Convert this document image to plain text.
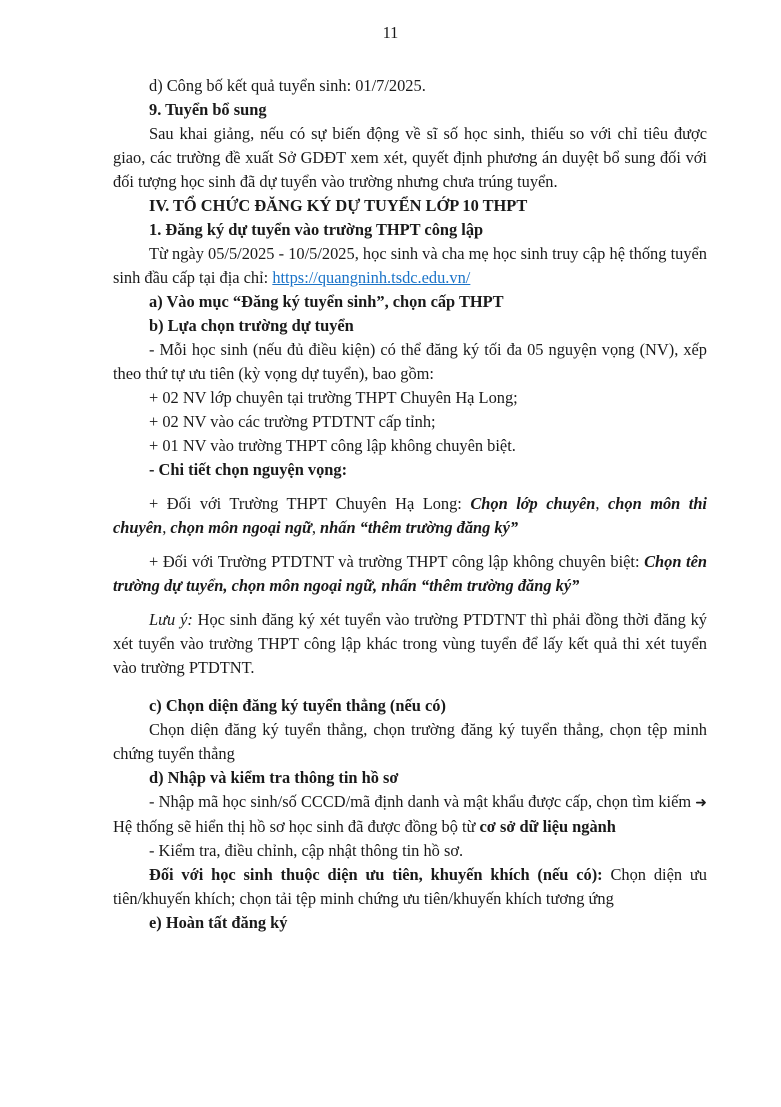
11

d) Công bố kết quả tuyển sinh: 01/7/2025.

9. Tuyển bổ sung

Sau khai giảng, nếu có sự biến động về sĩ số học sinh, thiếu so với chỉ tiêu được giao, các trường đề xuất Sở GDĐT xem xét, quyết định phương án duyệt bổ sung đối với đối tượng học sinh đã dự tuyển vào trường nhưng chưa trúng tuyển.

IV. TỔ CHỨC ĐĂNG KÝ DỰ TUYỂN LỚP 10 THPT

1. Đăng ký dự tuyển vào trường THPT công lập

Từ ngày 05/5/2025 - 10/5/2025, học sinh và cha mẹ học sinh truy cập hệ thống tuyển sinh đầu cấp tại địa chỉ: https://quangninh.tsdc.edu.vn/

a) Vào mục “Đăng ký tuyển sinh”, chọn cấp THPT

b) Lựa chọn trường dự tuyển

- Mỗi học sinh (nếu đủ điều kiện) có thể đăng ký tối đa 05 nguyện vọng (NV), xếp theo thứ tự ưu tiên (kỳ vọng dự tuyển), bao gồm:

+ 02 NV lớp chuyên tại trường THPT Chuyên Hạ Long;

+ 02 NV vào các trường PTDTNT cấp tỉnh;

+ 01 NV vào trường THPT công lập không chuyên biệt.

- Chi tiết chọn nguyện vọng:

+ Đối với Trường THPT Chuyên Hạ Long: Chọn lớp chuyên, chọn môn thi chuyên, chọn môn ngoại ngữ, nhấn “thêm trường đăng ký”

+ Đối với Trường PTDTNT và trường THPT công lập không chuyên biệt: Chọn tên trường dự tuyển, chọn môn ngoại ngữ, nhấn “thêm trường đăng ký”

Lưu ý: Học sinh đăng ký xét tuyển vào trường PTDTNT thì phải đồng thời đăng ký xét tuyển vào trường THPT công lập khác trong vùng tuyển để lấy kết quả thi xét tuyển vào trường PTDTNT.

c) Chọn diện đăng ký tuyển thẳng (nếu có)

Chọn diện đăng ký tuyển thẳng, chọn trường đăng ký tuyển thẳng, chọn tệp minh chứng tuyển thẳng

d) Nhập và kiểm tra thông tin hồ sơ

- Nhập mã học sinh/số CCCD/mã định danh và mật khẩu được cấp, chọn tìm kiếm ➜ Hệ thống sẽ hiển thị hồ sơ học sinh đã được đồng bộ từ cơ sở dữ liệu ngành

- Kiểm tra, điều chỉnh, cập nhật thông tin hồ sơ.

Đối với học sinh thuộc diện ưu tiên, khuyến khích (nếu có): Chọn diện ưu tiên/khuyến khích; chọn tải tệp minh chứng ưu tiên/khuyến khích tương ứng

e) Hoàn tất đăng ký
